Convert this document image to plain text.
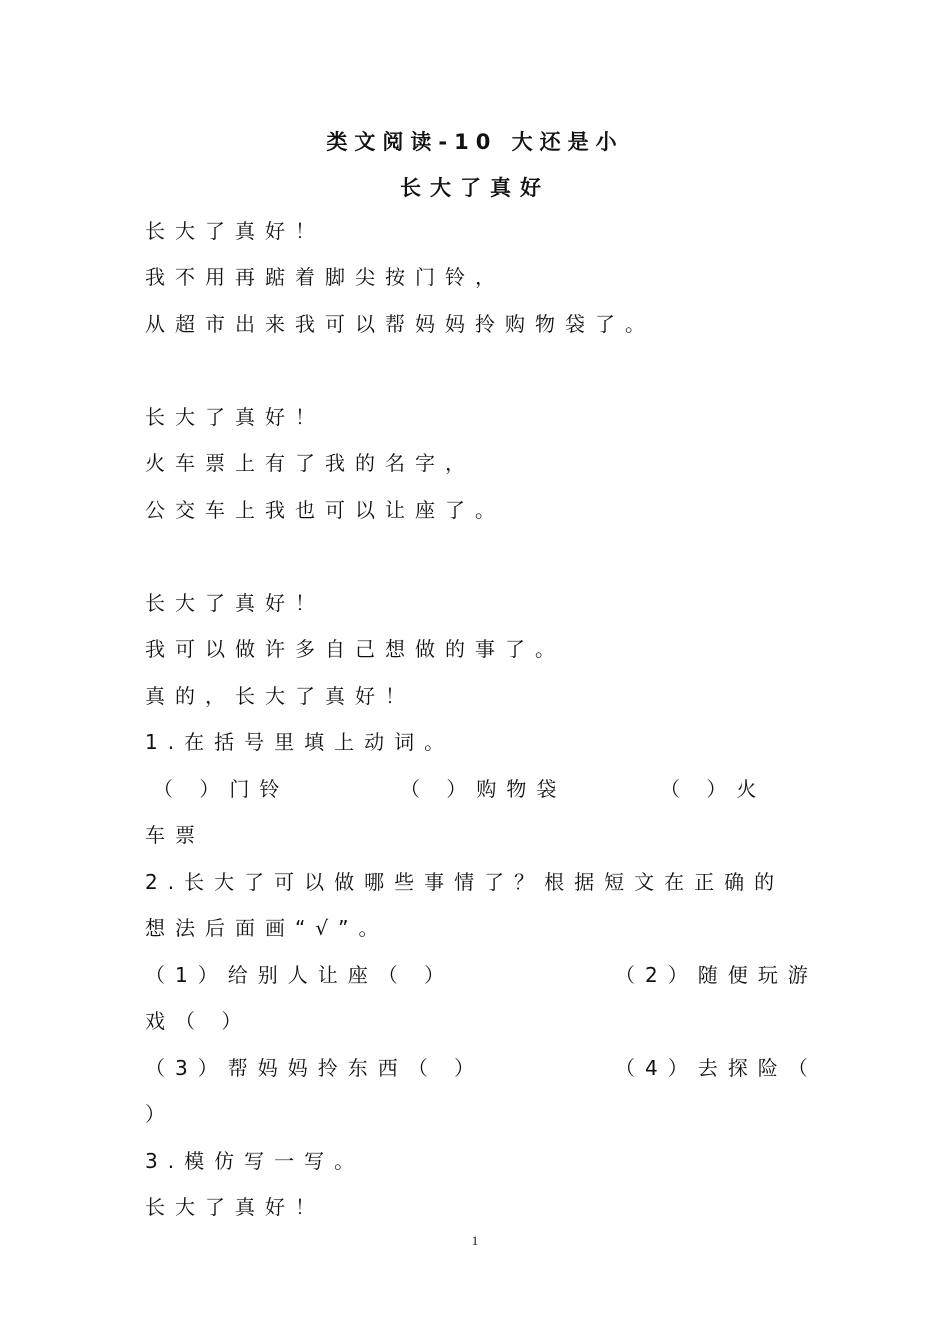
类文阅读-10 大还是小
长大了真好
长大了真好！
我不用再踮着脚尖按门铃，
从超市出来我可以帮妈妈拎购物袋了。
长大了真好！
火车票上有了我的名字，
公交车上我也可以让座了。
长大了真好！
我可以做许多自己想做的事了。
真的，长大了真好！
1.在括号里填上动词。
（ ）门铃	（ ）购物袋	（ ）火
车票
2.长大了可以做哪些事情了？根据短文在正确的
想法后面画“√”。
（1）给别人让座（ ）	（2）随便玩游
戏（ ）
（3）帮妈妈拎东西（ ）	（4）去探险（
）
3.模仿写一写。
长大了真好！
1
